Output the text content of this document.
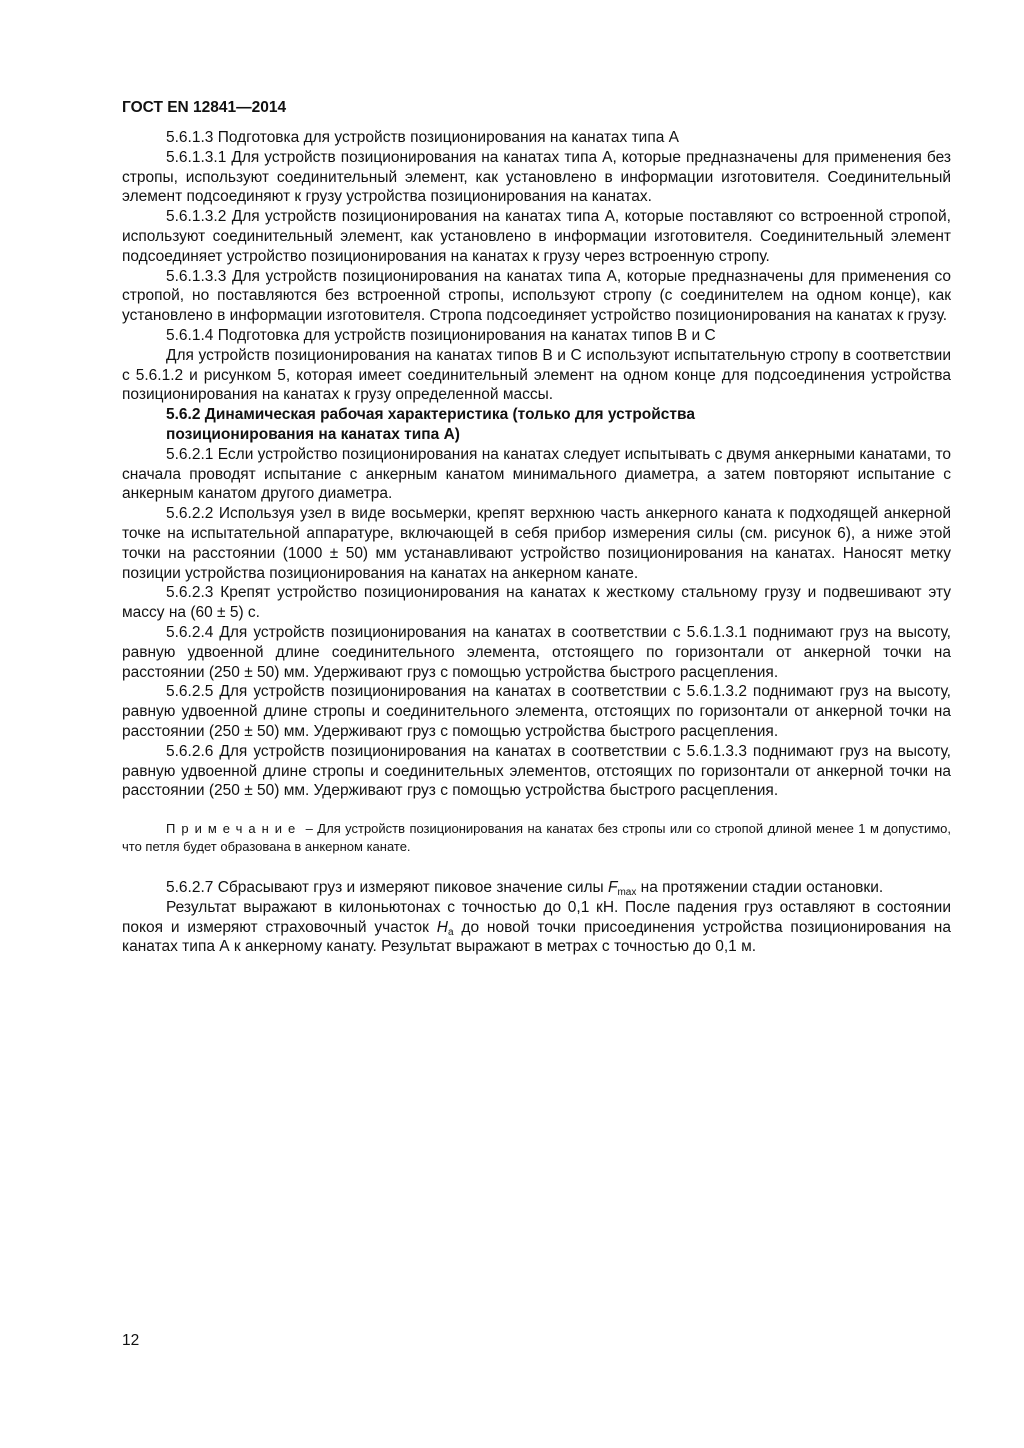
ГОСТ EN 12841—2014

5.6.1.3 Подготовка для устройств позиционирования на канатах типа А

5.6.1.3.1 Для устройств позиционирования на канатах типа А, которые предназначены для применения без стропы, используют соединительный элемент, как установлено в информации изготовителя. Соединительный элемент подсоединяют к грузу устройства позиционирования на канатах.

5.6.1.3.2 Для устройств позиционирования на канатах типа А, которые поставляют со встроенной стропой, используют соединительный элемент, как установлено в информации изготовителя. Соединительный элемент подсоединяет устройство позиционирования на канатах к грузу через встроенную стропу.

5.6.1.3.3 Для устройств позиционирования на канатах типа А, которые предназначены для применения со стропой, но поставляются без встроенной стропы, используют стропу (с соединителем на одном конце), как установлено в информации изготовителя. Стропа подсоединяет устройство позиционирования на канатах к грузу.

5.6.1.4 Подготовка для устройств позиционирования на канатах типов В и С

Для устройств позиционирования на канатах типов В и С используют испытательную стропу в соответствии с 5.6.1.2 и рисунком 5, которая имеет соединительный элемент на одном конце для подсоединения устройства позиционирования на канатах к грузу определенной массы.

5.6.2 Динамическая рабочая характеристика (только для устройства
позиционирования на канатах типа А)

5.6.2.1 Если устройство позиционирования на канатах следует испытывать с двумя анкерными канатами, то сначала проводят испытание с анкерным канатом минимального диаметра, а затем повторяют испытание с анкерным канатом другого диаметра.

5.6.2.2 Используя узел в виде восьмерки, крепят верхнюю часть анкерного каната к подходящей анкерной точке на испытательной аппаратуре, включающей в себя прибор измерения силы (см. рисунок 6), а ниже этой точки на расстоянии (1000 ± 50) мм устанавливают устройство позиционирования на канатах. Наносят метку позиции устройства позиционирования на канатах на анкерном канате.

5.6.2.3 Крепят устройство позиционирования на канатах к жесткому стальному грузу и подвешивают эту массу на (60 ± 5) с.

5.6.2.4 Для устройств позиционирования на канатах в соответствии с 5.6.1.3.1 поднимают груз на высоту, равную удвоенной длине соединительного элемента, отстоящего по горизонтали от анкерной точки на расстоянии (250 ± 50) мм. Удерживают груз с помощью устройства быстрого расцепления.

5.6.2.5 Для устройств позиционирования на канатах в соответствии с 5.6.1.3.2 поднимают груз на высоту, равную удвоенной длине стропы и соединительного элемента, отстоящих по горизонтали от анкерной точки на расстоянии (250 ± 50) мм. Удерживают груз с помощью устройства быстрого расцепления.

5.6.2.6 Для устройств позиционирования на канатах в соответствии с 5.6.1.3.3 поднимают груз на высоту, равную удвоенной длине стропы и соединительных элементов, отстоящих по горизонтали от анкерной точки на расстоянии (250 ± 50) мм. Удерживают груз с помощью устройства быстрого расцепления.

Примечание – Для устройств позиционирования на канатах без стропы или со стропой длиной менее 1 м допустимо, что петля будет образована в анкерном канате.

5.6.2.7 Сбрасывают груз и измеряют пиковое значение силы $F_{max}$ на протяжении стадии остановки.

Результат выражают в килоньютонах с точностью до 0,1 кН. После падения груз оставляют в состоянии покоя и измеряют страховочный участок $H_a$ до новой точки присоединения устройства позиционирования на канатах типа А к анкерному канату. Результат выражают в метрах с точностью до 0,1 м.

12
